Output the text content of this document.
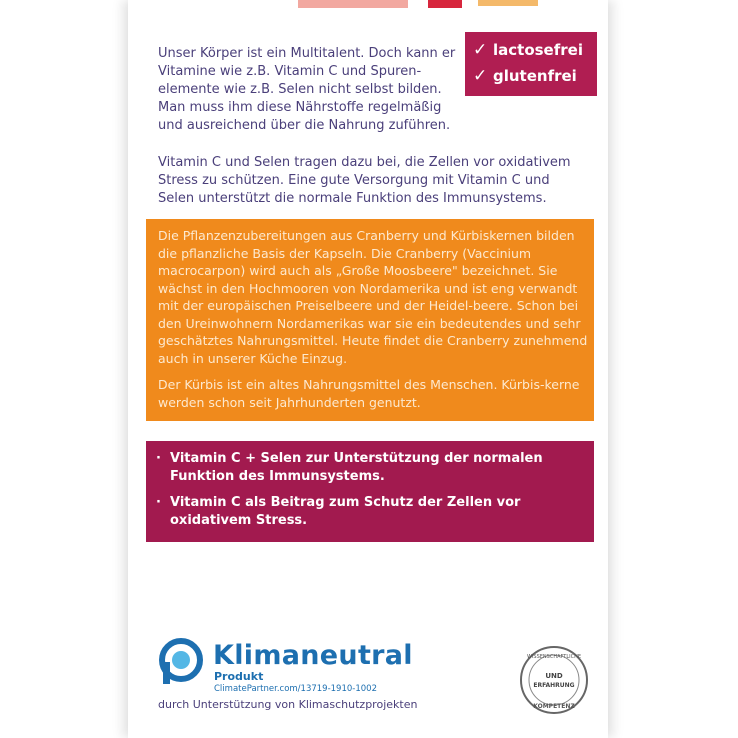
Unser Körper ist ein Multitalent. Doch kann er Vitamine wie z.B. Vitamin C und Spuren-elemente wie z.B. Selen nicht selbst bilden. Man muss ihm diese Nährstoffe regelmäßig und ausreichend über die Nahrung zuführen.
Vitamin C und Selen tragen dazu bei, die Zellen vor oxidativem Stress zu schützen. Eine gute Versorgung mit Vitamin C und Selen unterstützt die normale Funktion des Immunsystems.
✓ lactosefrei
✓ glutenfrei
Die Pflanzenzubereitungen aus Cranberry und Kürbiskernen bilden die pflanzliche Basis der Kapseln. Die Cranberry (Vaccinium macrocarpon) wird auch als „Große Moosbeere" bezeichnet. Sie wächst in den Hochmooren von Nordamerika und ist eng verwandt mit der europäischen Preiselbeere und der Heidel-beere. Schon bei den Ureinwohnern Nordamerikas war sie ein bedeutendes und sehr geschätztes Nahrungsmittel. Heute findet die Cranberry zunehmend auch in unserer Küche Einzug.
Der Kürbis ist ein altes Nahrungsmittel des Menschen. Kürbis-kerne werden schon seit Jahrhunderten genutzt.
· Vitamin C + Selen zur Unterstützung der normalen Funktion des Immunsystems.
· Vitamin C als Beitrag zum Schutz der Zellen vor oxidativem Stress.
Klimaneutral
Produkt
ClimatePartner.com/13719-1910-1002
durch Unterstützung von Klimaschutzprojekten
WISSENSCHAFTLICHE
UND
ERFAHRUNG
KOMPETENZ
